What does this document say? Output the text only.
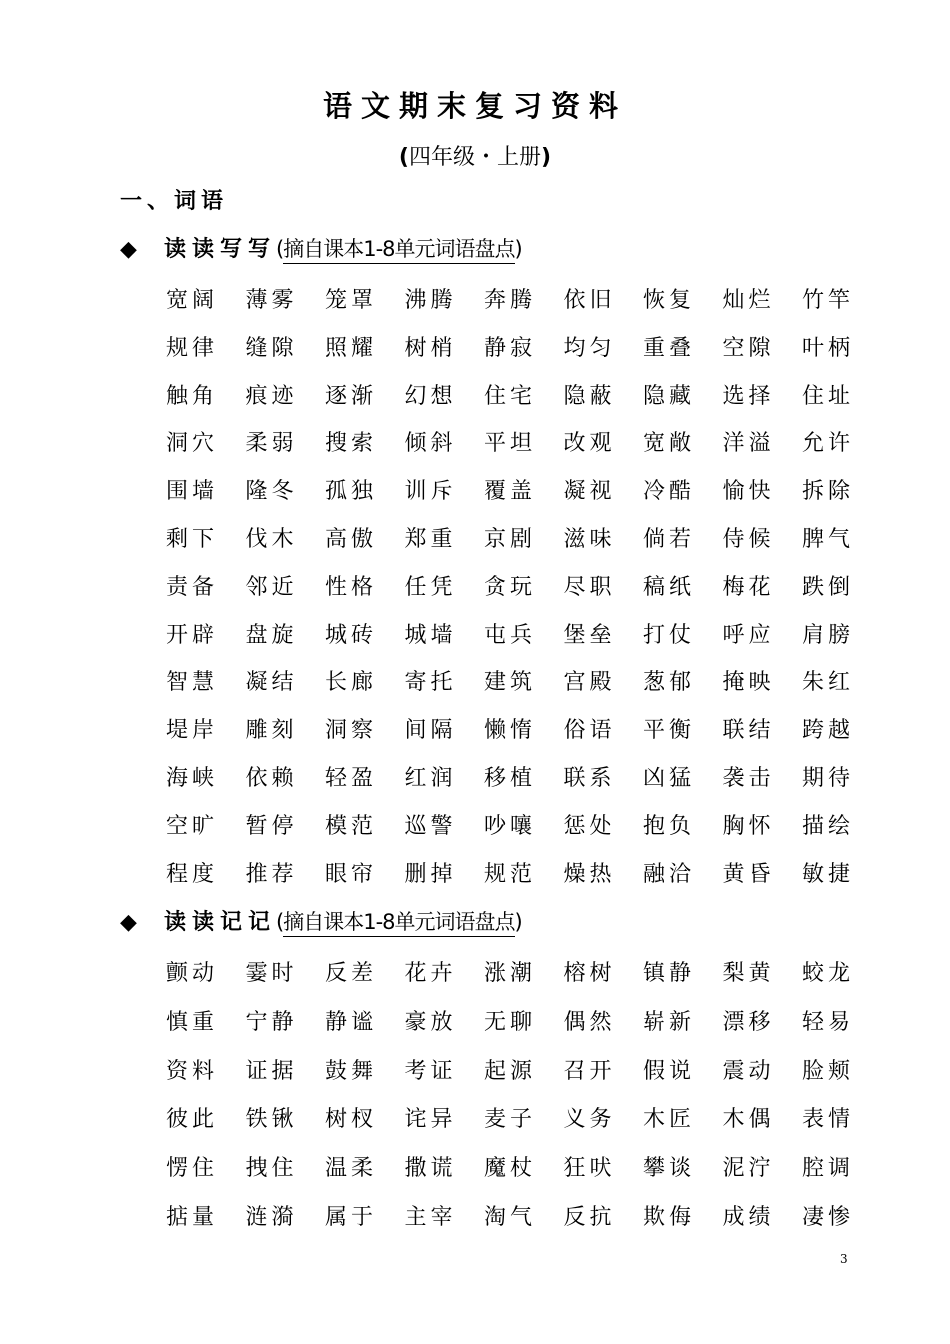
语文期末复习资料
(四年级・上册)
一、词语
◆ 读读写写(摘自课本1-8单元词语盘点)
宽阔 薄雾 笼罩 沸腾 奔腾 依旧 恢复 灿烂 竹竿
规律 缝隙 照耀 树梢 静寂 均匀 重叠 空隙 叶柄
触角 痕迹 逐渐 幻想 住宅 隐蔽 隐藏 选择 住址
洞穴 柔弱 搜索 倾斜 平坦 改观 宽敞 洋溢 允许
围墙 隆冬 孤独 训斥 覆盖 凝视 冷酷 愉快 拆除
剩下 伐木 高傲 郑重 京剧 滋味 倘若 侍候 脾气
责备 邻近 性格 任凭 贪玩 尽职 稿纸 梅花 跌倒
开辟 盘旋 城砖 城墙 屯兵 堡垒 打仗 呼应 肩膀
智慧 凝结 长廊 寄托 建筑 宫殿 葱郁 掩映 朱红
堤岸 雕刻 洞察 间隔 懒惰 俗语 平衡 联结 跨越
海峡 依赖 轻盈 红润 移植 联系 凶猛 袭击 期待
空旷 暂停 模范 巡警 吵嚷 惩处 抱负 胸怀 描绘
程度 推荐 眼帘 删掉 规范 燥热 融洽 黄昏 敏捷
◆ 读读记记(摘自课本1-8单元词语盘点)
颤动 霎时 反差 花卉 涨潮 榕树 镇静 梨黄 蛟龙
慎重 宁静 静谧 豪放 无聊 偶然 崭新 漂移 轻易
资料 证据 鼓舞 考证 起源 召开 假说 震动 脸颊
彼此 铁锹 树杈 诧异 麦子 义务 木匠 木偶 表情
愣住 拽住 温柔 撒谎 魔杖 狂吠 攀谈 泥泞 腔调
掂量 涟漪 属于 主宰 淘气 反抗 欺侮 成绩 凄惨
3
